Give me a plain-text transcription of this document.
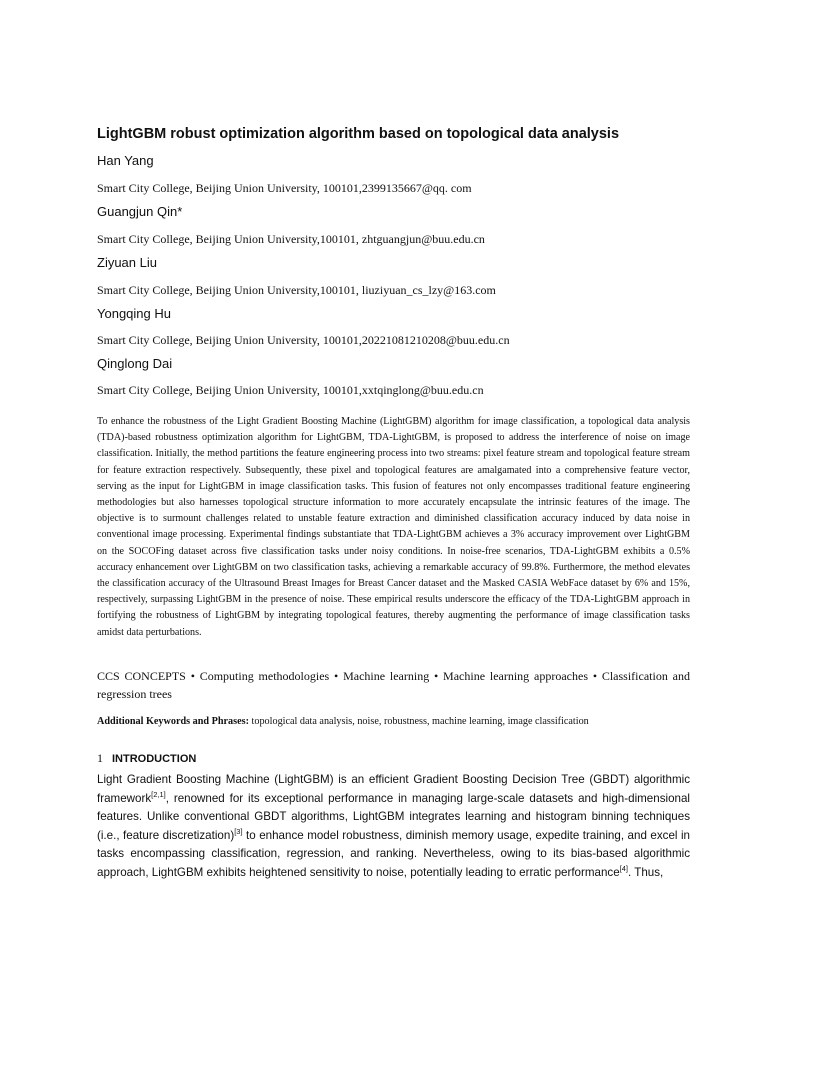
LightGBM robust optimization algorithm based on topological data analysis
Han Yang
Smart City College, Beijing Union University, 100101,2399135667@qq. com
Guangjun Qin*
Smart City College, Beijing Union University,100101, zhtguangjun@buu.edu.cn
Ziyuan Liu
Smart City College, Beijing Union University,100101, liuziyuan_cs_lzy@163.com
Yongqing Hu
Smart City College, Beijing Union University, 100101,20221081210208@buu.edu.cn
Qinglong Dai
Smart City College, Beijing Union University, 100101,xxtqinglong@buu.edu.cn

To enhance the robustness of the Light Gradient Boosting Machine (LightGBM) algorithm for image classification, a topological data analysis (TDA)-based robustness optimization algorithm for LightGBM, TDA-LightGBM, is proposed to address the interference of noise on image classification. Initially, the method partitions the feature engineering process into two streams: pixel feature stream and topological feature stream for feature extraction respectively. Subsequently, these pixel and topological features are amalgamated into a comprehensive feature vector, serving as the input for LightGBM in image classification tasks. This fusion of features not only encompasses traditional feature engineering methodologies but also harnesses topological structure information to more accurately encapsulate the intrinsic features of the image. The objective is to surmount challenges related to unstable feature extraction and diminished classification accuracy induced by data noise in conventional image processing. Experimental findings substantiate that TDA-LightGBM achieves a 3% accuracy improvement over LightGBM on the SOCOFing dataset across five classification tasks under noisy conditions. In noise-free scenarios, TDA-LightGBM exhibits a 0.5% accuracy enhancement over LightGBM on two classification tasks, achieving a remarkable accuracy of 99.8%. Furthermore, the method elevates the classification accuracy of the Ultrasound Breast Images for Breast Cancer dataset and the Masked CASIA WebFace dataset by 6% and 15%, respectively, surpassing LightGBM in the presence of noise. These empirical results underscore the efficacy of the TDA-LightGBM approach in fortifying the robustness of LightGBM by integrating topological features, thereby augmenting the performance of image classification tasks amidst data perturbations.

CCS CONCEPTS • Computing methodologies • Machine learning • Machine learning approaches • Classification and regression trees

Additional Keywords and Phrases: topological data analysis, noise, robustness, machine learning, image classification

1 INTRODUCTION

Light Gradient Boosting Machine (LightGBM) is an efficient Gradient Boosting Decision Tree (GBDT) algorithmic framework[2,1], renowned for its exceptional performance in managing large-scale datasets and high-dimensional features. Unlike conventional GBDT algorithms, LightGBM integrates learning and histogram binning techniques (i.e., feature discretization)[3] to enhance model robustness, diminish memory usage, expedite training, and excel in tasks encompassing classification, regression, and ranking. Nevertheless, owing to its bias-based algorithmic approach, LightGBM exhibits heightened sensitivity to noise, potentially leading to erratic performance[4]. Thus,
